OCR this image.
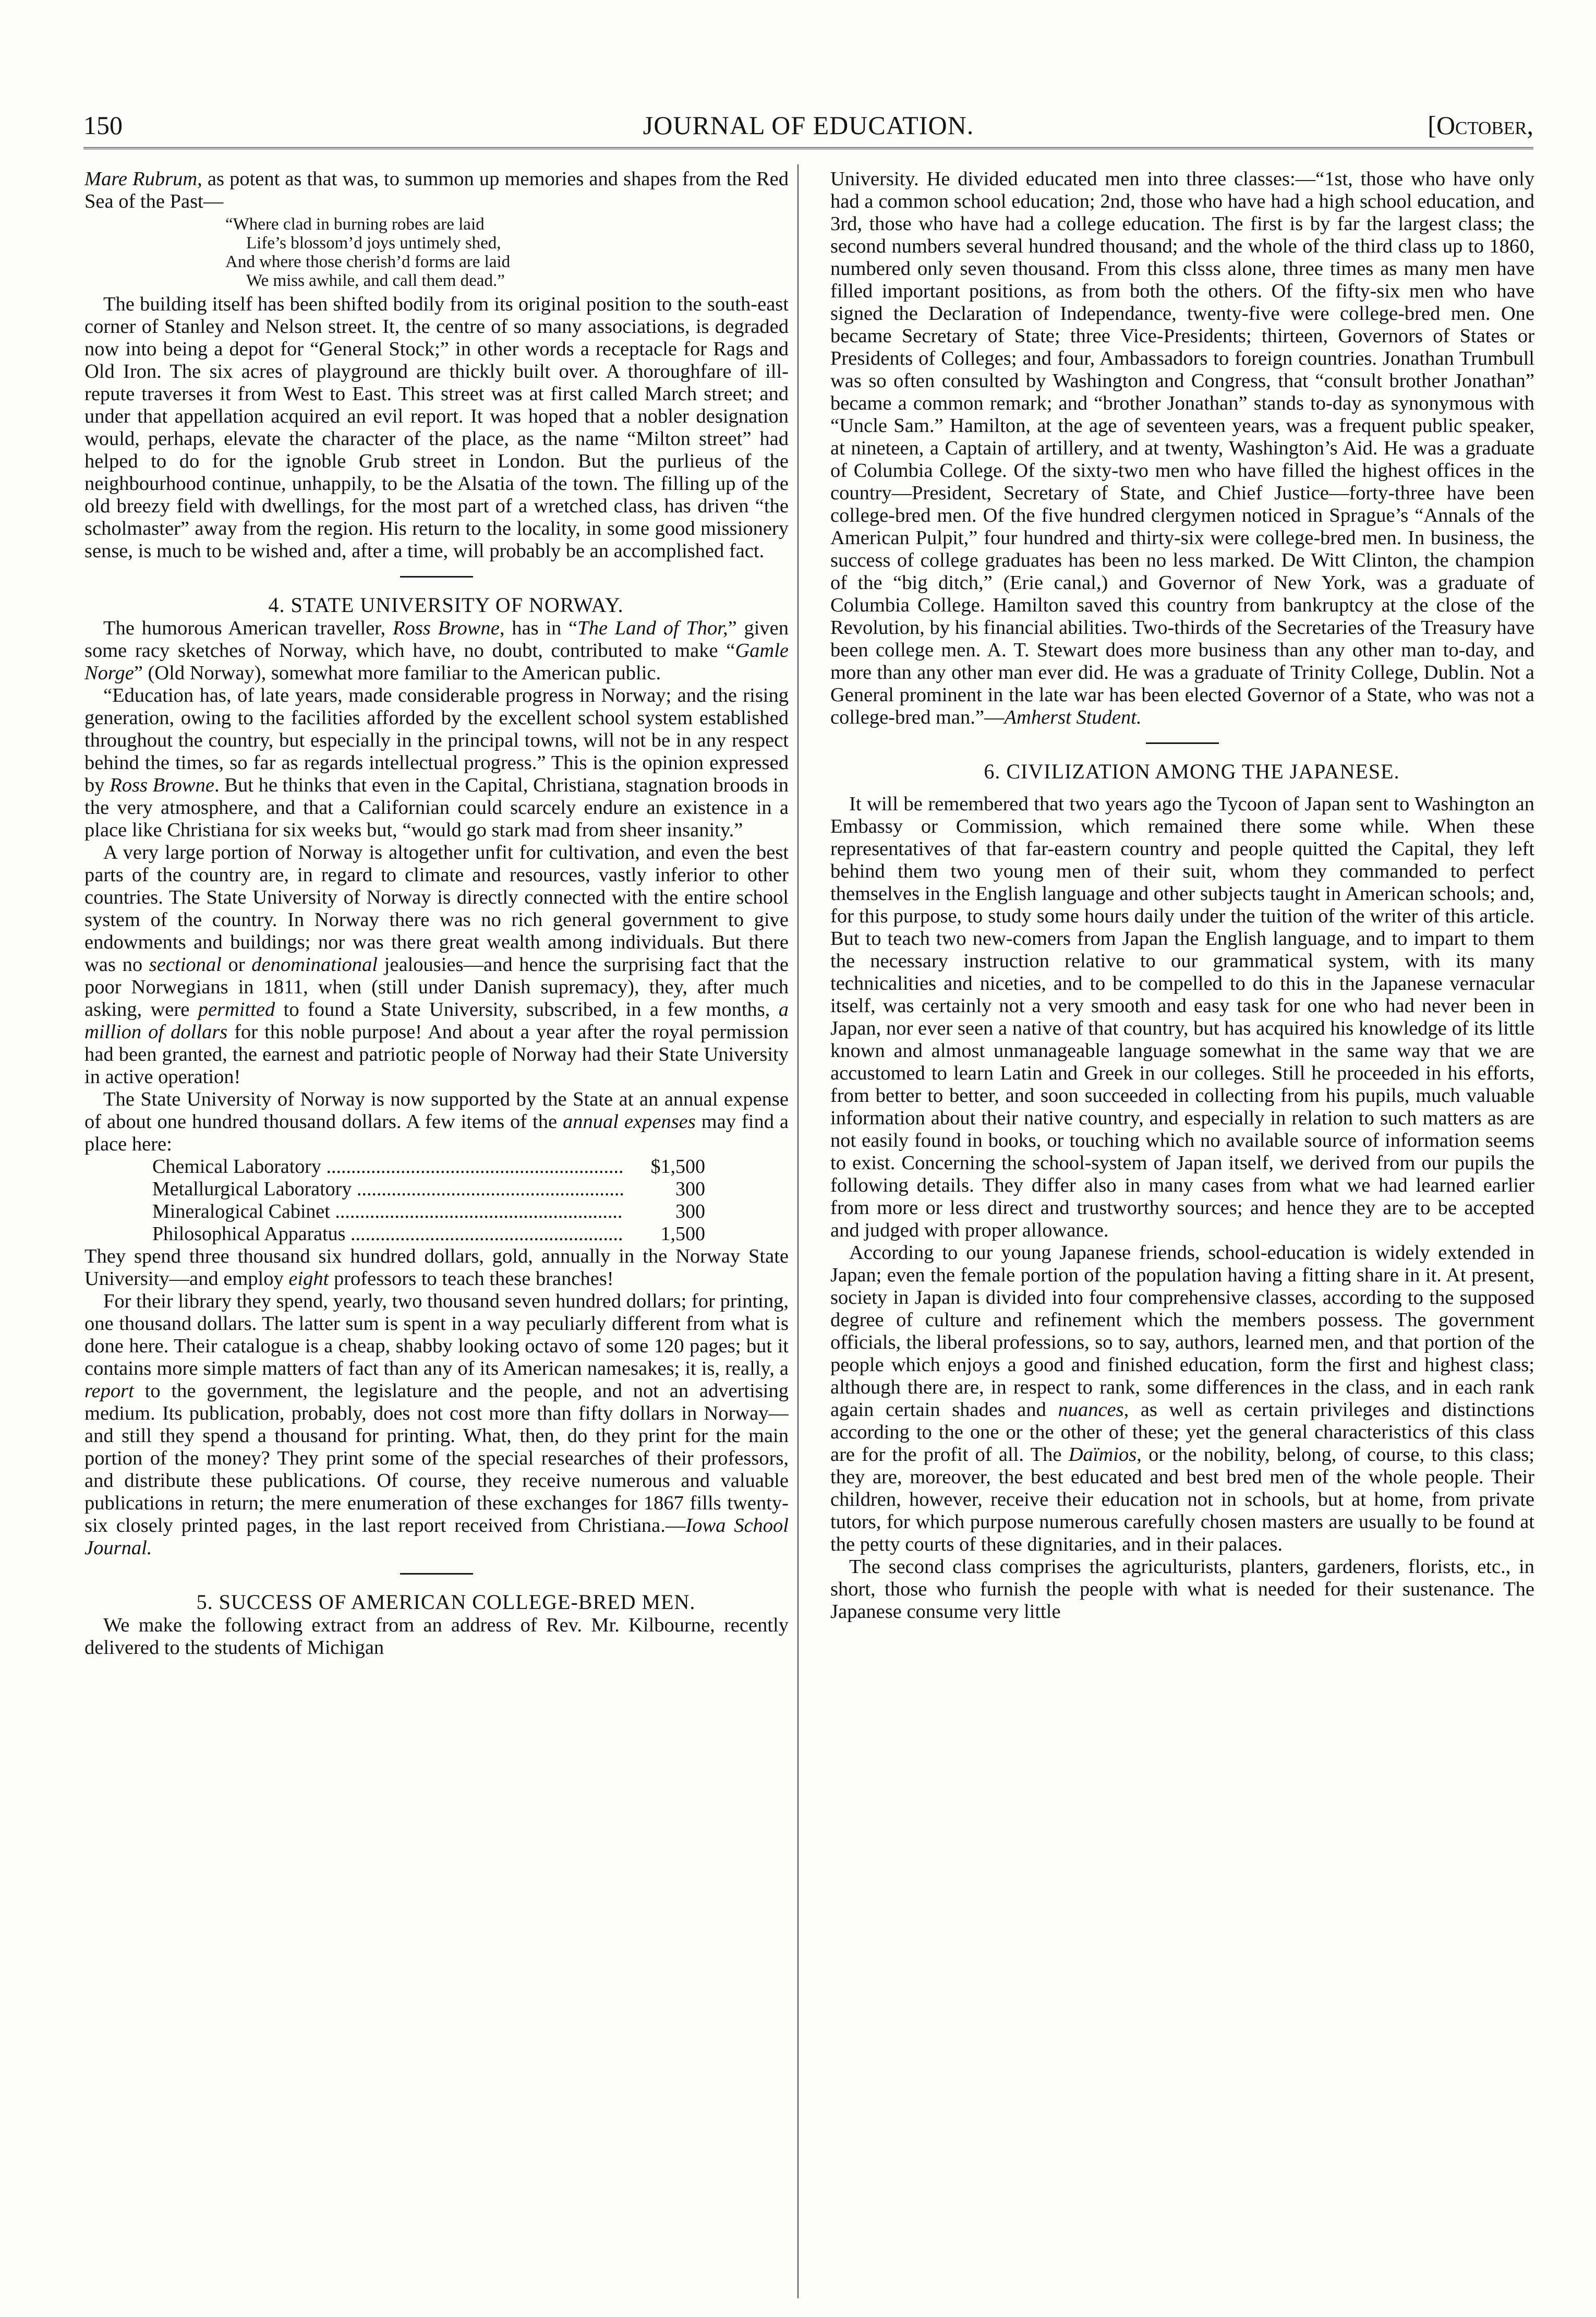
150	JOURNAL OF EDUCATION.	[October,

Mare Rubrum, as potent as that was, to summon up memories and shapes from the Red Sea of the Past—

“Where clad in burning robes are laid
Life’s blossom’d joys untimely shed,
And where those cherish’d forms are laid
We miss awhile, and call them dead.”

The building itself has been shifted bodily from its original position to the south-east corner of Stanley and Nelson street. It, the centre of so many associations, is degraded now into being a depot for “General Stock;” in other words a receptacle for Rags and Old Iron. The six acres of playground are thickly built over. A thoroughfare of ill-repute traverses it from West to East. This street was at first called March street; and under that appellation acquired an evil report. It was hoped that a nobler designation would, perhaps, elevate the character of the place, as the name “Milton street” had helped to do for the ignoble Grub street in London. But the purlieus of the neighbourhood continue, unhappily, to be the Alsatia of the town. The filling up of the old breezy field with dwellings, for the most part of a wretched class, has driven “the scholmaster” away from the region. His return to the locality, in some good missionery sense, is much to be wished and, after a time, will probably be an accomplished fact.

4. STATE UNIVERSITY OF NORWAY.

The humorous American traveller, Ross Browne, has in “The Land of Thor,” given some racy sketches of Norway, which have, no doubt, contributed to make “Gamle Norge” (Old Norway), somewhat more familiar to the American public.

“Education has, of late years, made considerable progress in Norway; and the rising generation, owing to the facilities afforded by the excellent school system established throughout the country, but especially in the principal towns, will not be in any respect behind the times, so far as regards intellectual progress.” This is the opinion expressed by Ross Browne. But he thinks that even in the Capital, Christiana, stagnation broods in the very atmosphere, and that a Californian could scarcely endure an existence in a place like Christiana for six weeks but, “would go stark mad from sheer insanity.”

A very large portion of Norway is altogether unfit for cultivation, and even the best parts of the country are, in regard to climate and resources, vastly inferior to other countries. The State University of Norway is directly connected with the entire school system of the country. In Norway there was no rich general government to give endowments and buildings; nor was there great wealth among individuals. But there was no sectional or denominational jealousies—and hence the surprising fact that the poor Norwegians in 1811, when (still under Danish supremacy), they, after much asking, were permitted to found a State University, subscribed, in a few months, a million of dollars for this noble purpose! And about a year after the royal permission had been granted, the earnest and patriotic people of Norway had their State University in active operation!

The State University of Norway is now supported by the State at an annual expense of about one hundred thousand dollars. A few items of the annual expenses may find a place here:

Chemical Laboratory .....	$1,500
Metallurgical Laboratory .....	300
Mineralogical Cabinet .....	300
Philosophical Apparatus .....	1,500

They spend three thousand six hundred dollars, gold, annually in the Norway State University—and employ eight professors to teach these branches!

For their library they spend, yearly, two thousand seven hundred dollars; for printing, one thousand dollars. The latter sum is spent in a way peculiarly different from what is done here. Their catalogue is a cheap, shabby looking octavo of some 120 pages; but it contains more simple matters of fact than any of its American namesakes; it is, really, a report to the government, the legislature and the people, and not an advertising medium. Its publication, probably, does not cost more than fifty dollars in Norway—and still they spend a thousand for printing. What, then, do they print for the main portion of the money? They print some of the special researches of their professors, and distribute these publications. Of course, they receive numerous and valuable publications in return; the mere enumeration of these exchanges for 1867 fills twenty-six closely printed pages, in the last report received from Christiana.—Iowa School Journal.

5. SUCCESS OF AMERICAN COLLEGE-BRED MEN.

We make the following extract from an address of Rev. Mr. Kilbourne, recently delivered to the students of Michigan

University. He divided educated men into three classes:—“1st, those who have only had a common school education; 2nd, those who have had a high school education, and 3rd, those who have had a college education. The first is by far the largest class; the second numbers several hundred thousand; and the whole of the third class up to 1860, numbered only seven thousand. From this clsss alone, three times as many men have filled important positions, as from both the others. Of the fifty-six men who have signed the Declaration of Independance, twenty-five were college-bred men. One became Secretary of State; three Vice-Presidents; thirteen, Governors of States or Presidents of Colleges; and four, Ambassadors to foreign countries. Jonathan Trumbull was so often consulted by Washington and Congress, that “consult brother Jonathan” became a common remark; and “brother Jonathan” stands to-day as synonymous with “Uncle Sam.” Hamilton, at the age of seventeen years, was a frequent public speaker, at nineteen, a Captain of artillery, and at twenty, Washington’s Aid. He was a graduate of Columbia College. Of the sixty-two men who have filled the highest offices in the country—President, Secretary of State, and Chief Justice—forty-three have been college-bred men. Of the five hundred clergymen noticed in Sprague’s “Annals of the American Pulpit,” four hundred and thirty-six were college-bred men. In business, the success of college graduates has been no less marked. De Witt Clinton, the champion of the “big ditch,” (Erie canal,) and Governor of New York, was a graduate of Columbia College. Hamilton saved this country from bankruptcy at the close of the Revolution, by his financial abilities. Two-thirds of the Secretaries of the Treasury have been college men. A. T. Stewart does more business than any other man to-day, and more than any other man ever did. He was a graduate of Trinity College, Dublin. Not a General prominent in the late war has been elected Governor of a State, who was not a college-bred man.”—Amherst Student.

6. CIVILIZATION AMONG THE JAPANESE.

It will be remembered that two years ago the Tycoon of Japan sent to Washington an Embassy or Commission, which remained there some while. When these representatives of that far-eastern country and people quitted the Capital, they left behind them two young men of their suit, whom they commanded to perfect themselves in the English language and other subjects taught in American schools; and, for this purpose, to study some hours daily under the tuition of the writer of this article. But to teach two new-comers from Japan the English language, and to impart to them the necessary instruction relative to our grammatical system, with its many technicalities and niceties, and to be compelled to do this in the Japanese vernacular itself, was certainly not a very smooth and easy task for one who had never been in Japan, nor ever seen a native of that country, but has acquired his knowledge of its little known and almost unmanageable language somewhat in the same way that we are accustomed to learn Latin and Greek in our colleges. Still he proceeded in his efforts, from better to better, and soon succeeded in collecting from his pupils, much valuable information about their native country, and especially in relation to such matters as are not easily found in books, or touching which no available source of information seems to exist. Concerning the school-system of Japan itself, we derived from our pupils the following details. They differ also in many cases from what we had learned earlier from more or less direct and trustworthy sources; and hence they are to be accepted and judged with proper allowance.

According to our young Japanese friends, school-education is widely extended in Japan; even the female portion of the population having a fitting share in it. At present, society in Japan is divided into four comprehensive classes, according to the supposed degree of culture and refinement which the members possess. The government officials, the liberal professions, so to say, authors, learned men, and that portion of the people which enjoys a good and finished education, form the first and highest class; although there are, in respect to rank, some differences in the class, and in each rank again certain shades and nuances, as well as certain privileges and distinctions according to the one or the other of these; yet the general characteristics of this class are for the profit of all. The Daïmios, or the nobility, belong, of course, to this class; they are, moreover, the best educated and best bred men of the whole people. Their children, however, receive their education not in schools, but at home, from private tutors, for which purpose numerous carefully chosen masters are usually to be found at the petty courts of these dignitaries, and in their palaces.

The second class comprises the agriculturists, planters, gardeners, florists, etc., in short, those who furnish the people with what is needed for their sustenance. The Japanese consume very little
